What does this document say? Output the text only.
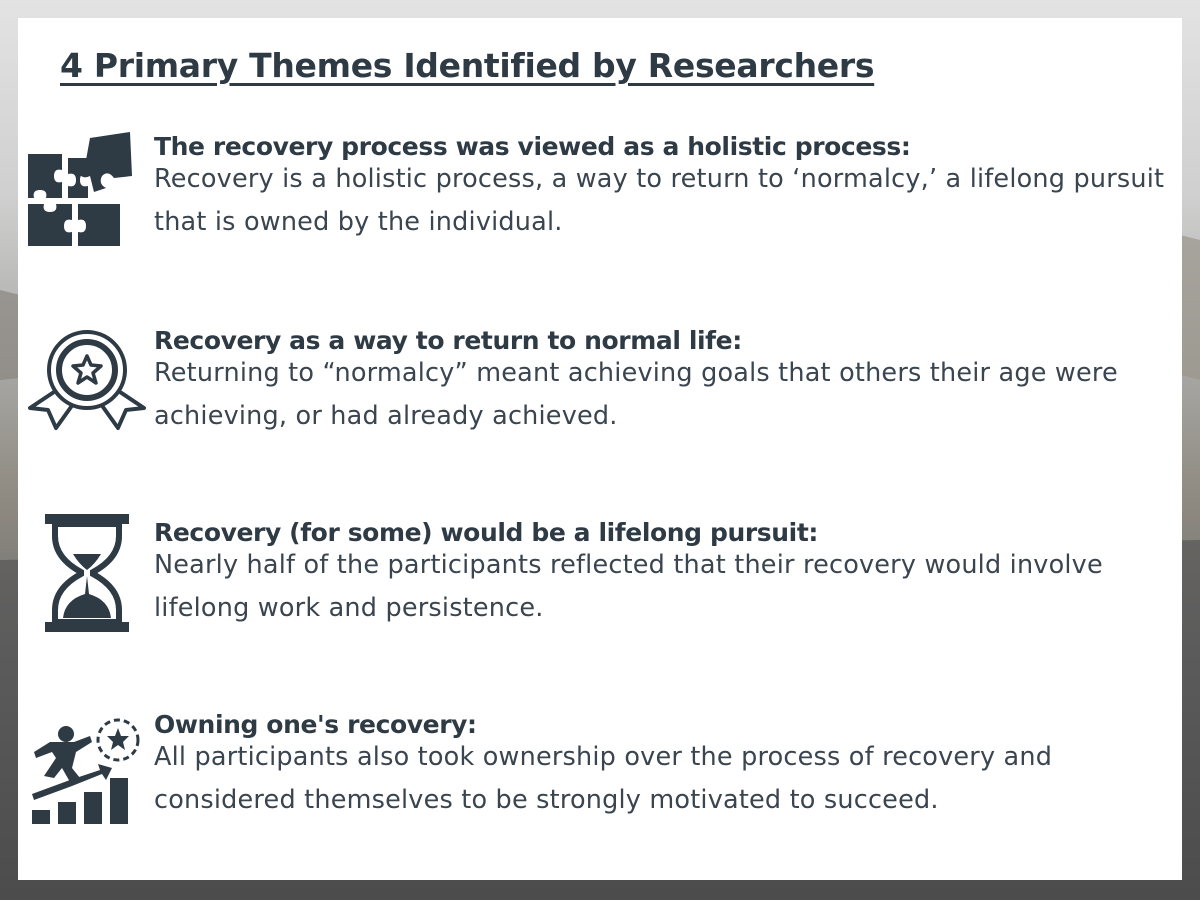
4 Primary Themes Identified by Researchers
The recovery process was viewed as a holistic process:
Recovery is a holistic process, a way to return to ‘normalcy,’ a lifelong pursuit that is owned by the individual.
Recovery as a way to return to normal life:
Returning to “normalcy” meant achieving goals that others their age were achieving, or had already achieved.
Recovery (for some) would be a lifelong pursuit:
Nearly half of the participants reflected that their recovery would involve lifelong work and persistence.
Owning one's recovery:
All participants also took ownership over the process of recovery and considered themselves to be strongly motivated to succeed.
